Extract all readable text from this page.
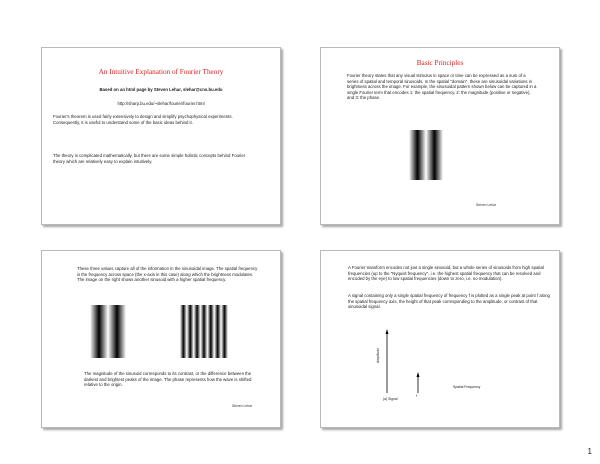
An Intuitive Explanation of Fourier Theory
Based on an html page by Steven Lehar, slehar@cns.bu.edu
http://sharp.bu.edu/~slehar/fourier/fourier.html
Fourier's theorem is used fairly extensively to design and simplify psychophysical experiments. Consequently, it is useful to understand some of the basic ideas behind it.
The theory is complicated mathematically, but there are some simple holistic concepts behind Fourier theory which are relatively easy to explain intuitively.
Basic Principles
Fourier theory states that any visual stimulus in space or time can be expressed as a sum of a series of spatial and temporal sinusoids. In the spatial "domain", these are sinusoidal variations in brightness across the image. For example, the sinusoidal pattern shown below can be captured in a single Fourier term that encodes 1: the spatial frequency, 2: the magnitude (positive or negative), and 3: the phase.
Steven Lehar
These three values capture all of the information in the sinusoidal image. The spatial frequency is the frequency across space (the x-axis in this case) along which the brightness modulates. The image on the right shows another sinusoid with a higher spatial frequency.
The magnitude of the sinusoid corresponds to its contrast, or the difference between the darkest and brightest peaks of the image. The phase represents how the wave is shifted relative to the origin.
Steven Lehar
A Fourier transform encodes not just a single sinusoid, but a whole series of sinusoids from high spatial frequencies (up to the "Nyquist frequency", i.e. the highest spatial frequency that can be resolved and encoded by the eye) to low spatial frequencies (down to zero, i.e. no modulation).
A signal containing only a single spatial frequency of frequency f is plotted as a single peak at point f along the spatial frequency axis, the height of that peak corresponding to the amplitude, or contrast of that sinusoidal signal.
Amplitude
f
Spatial Frequency
(a) Signal
1
